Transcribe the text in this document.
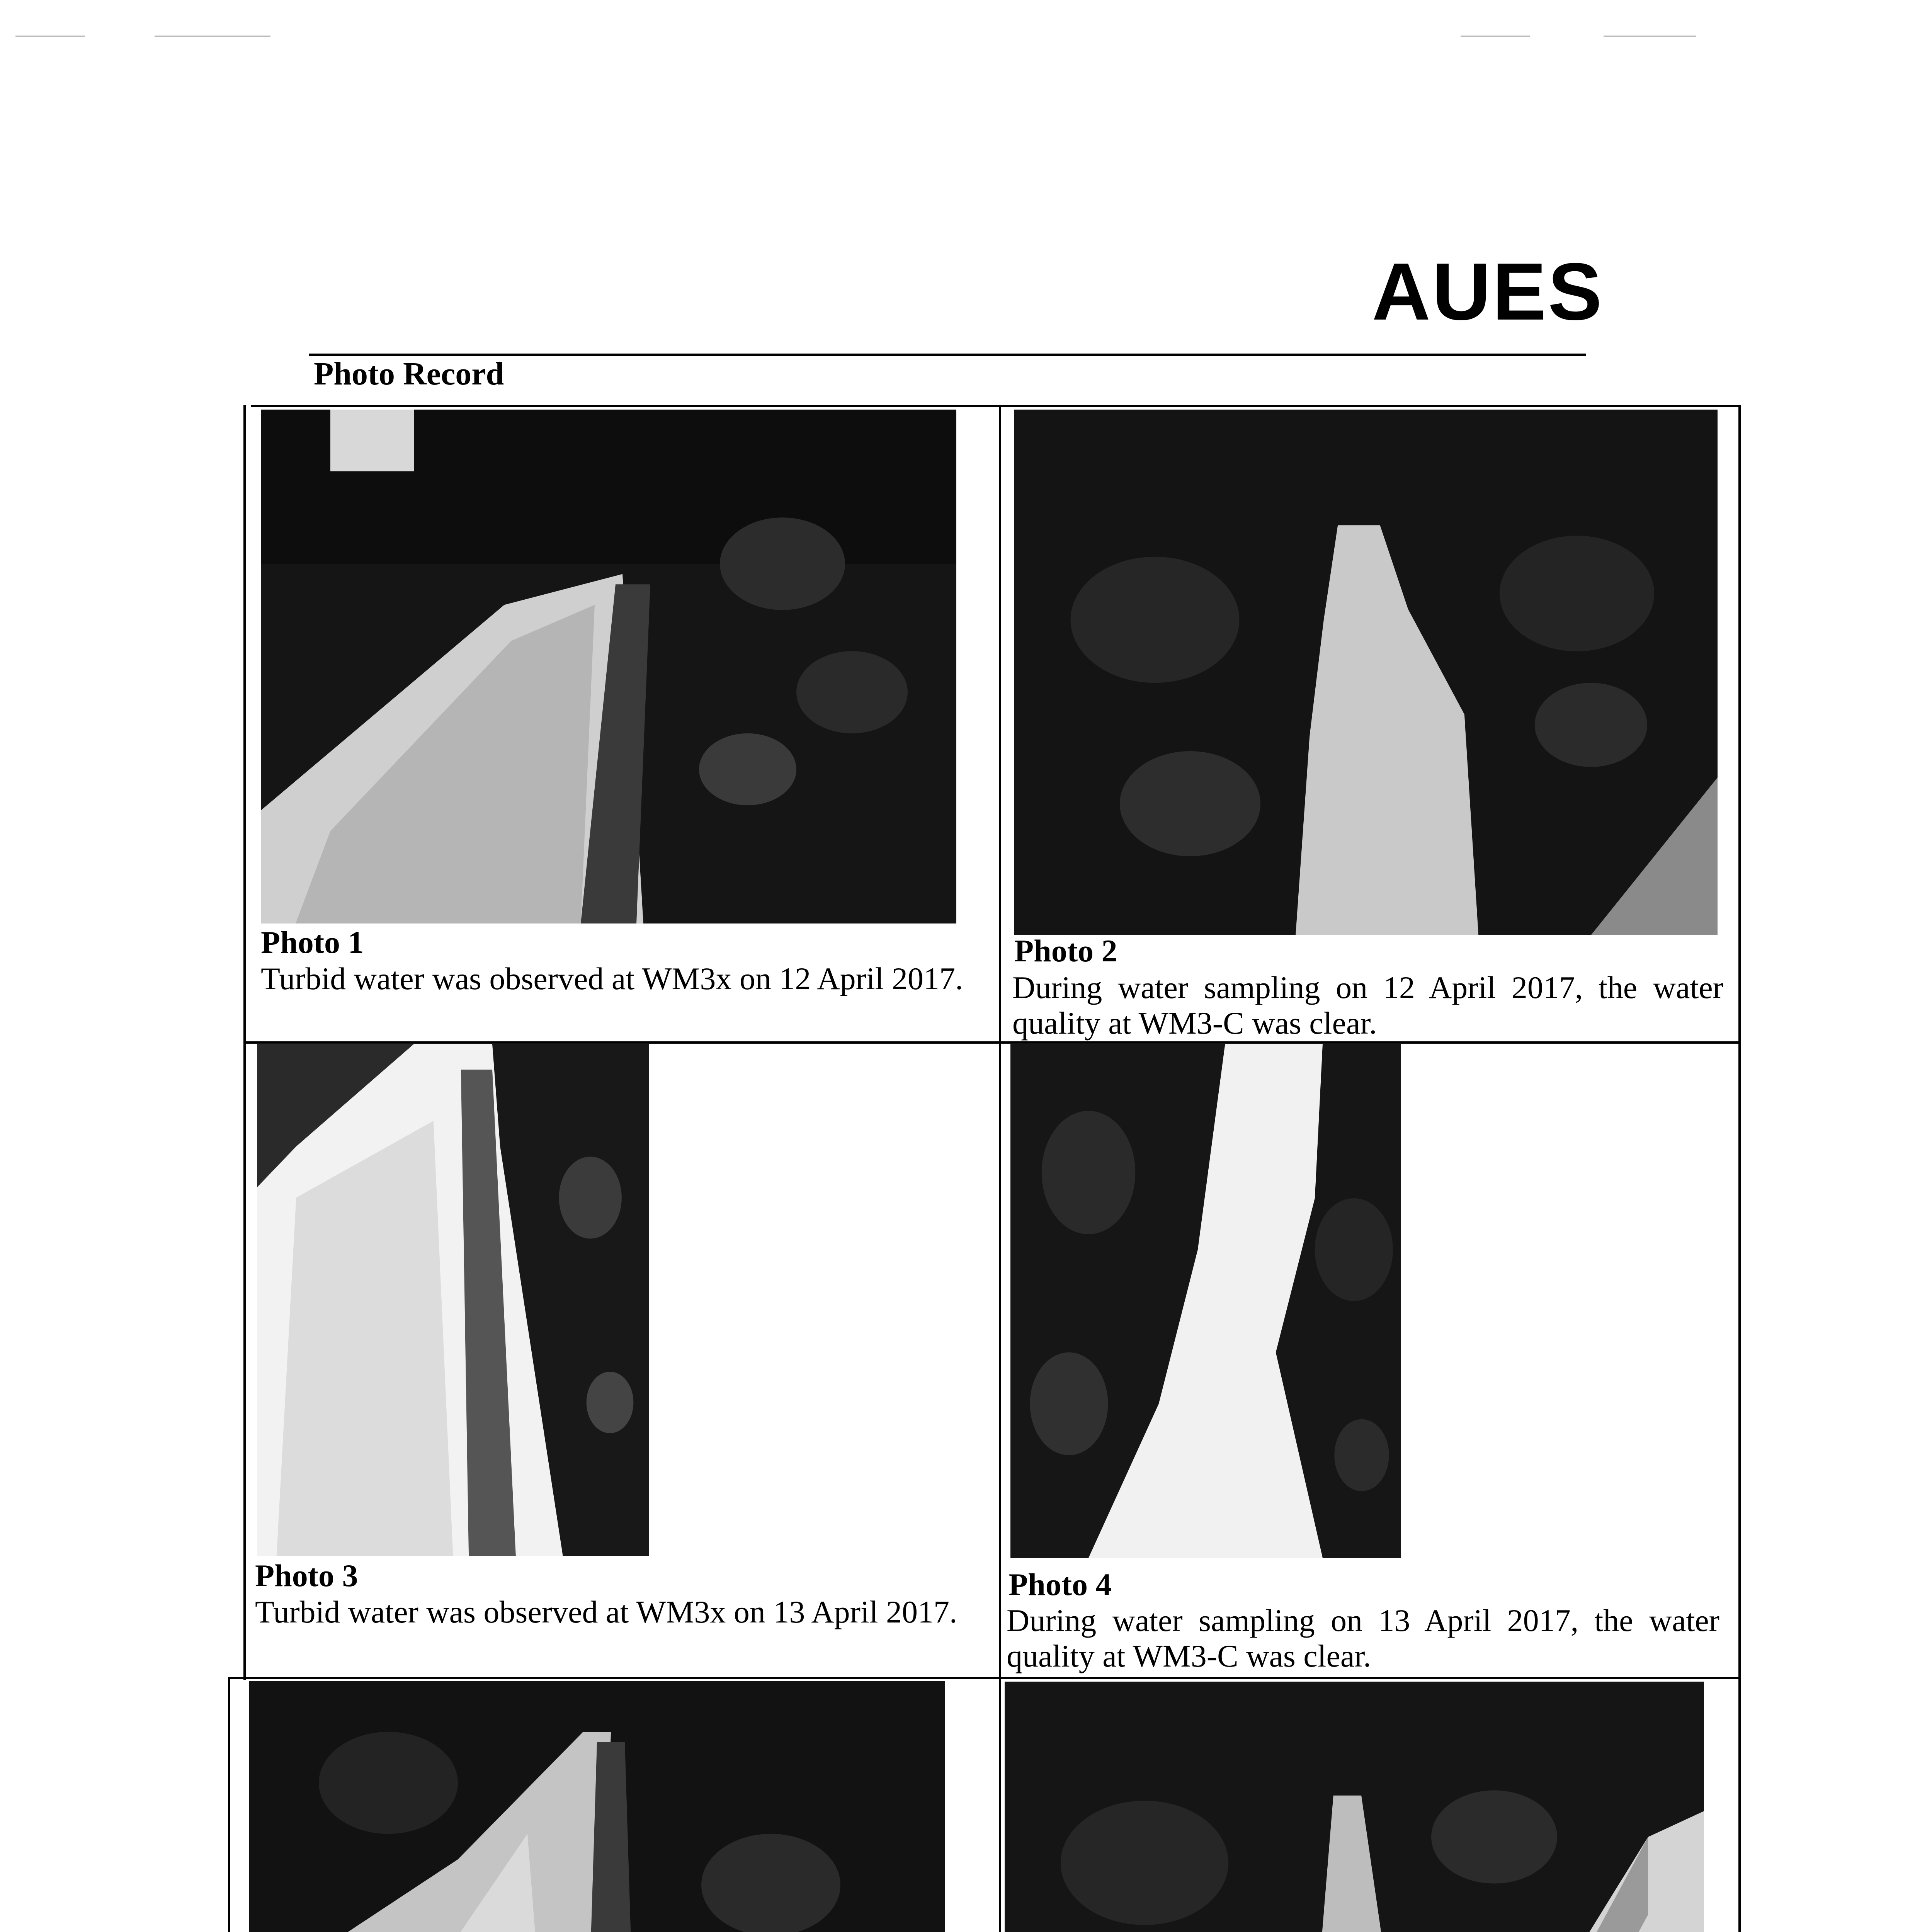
AUES
Photo Record
Photo 1
Turbid water was observed at WM3x on 12 April 2017.
Photo 2
During water sampling on 12 April 2017, the water quality at WM3-C was clear.
Photo 3
Turbid water was observed at WM3x on 13 April 2017.
Photo 4
During water sampling on 13 April 2017, the water quality at WM3-C was clear.
